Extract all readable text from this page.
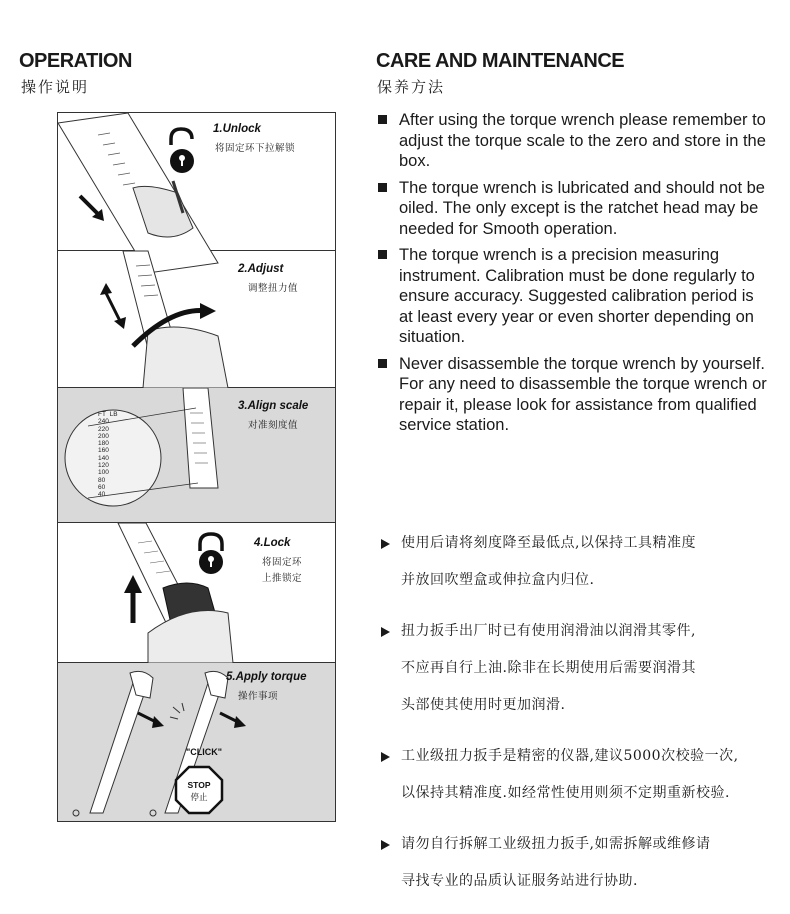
OPERATION
操作说明
1.Unlock
将固定环下拉解锁
2.Adjust
调整扭力值
FT LB
240
220
200
180
160
140
120
100
80
60
40
3.Align scale
对准刻度值
4.Lock
将固定环
上推锁定
5.Apply torque
操作事项
"CLICK"
STOP
停止
CARE AND MAINTENANCE
保养方法
After using the torque wrench please remember to adjust the torque scale to the zero and store in the box.
The torque wrench is lubricated and should not be oiled. The only except is the ratchet head may be needed for Smooth operation.
The torque wrench is a precision measuring instrument. Calibration must be done regularly to ensure accuracy. Suggested calibration period is at least every year or even shorter depending on situation.
Never disassemble the torque wrench by yourself. For any need to disassemble the torque wrench or repair it, please look for assistance from qualified service station.
使用后请将刻度降至最低点,以保持工具精准度
并放回吹塑盒或伸拉盒内归位.
扭力扳手出厂时已有使用润滑油以润滑其零件,
不应再自行上油.除非在长期使用后需要润滑其
头部使其使用时更加润滑.
工业级扭力扳手是精密的仪器,建议5000次校验一次,
以保持其精准度.如经常性使用则须不定期重新校验.
请勿自行拆解工业级扭力扳手,如需拆解或维修请
寻找专业的品质认证服务站进行协助.
